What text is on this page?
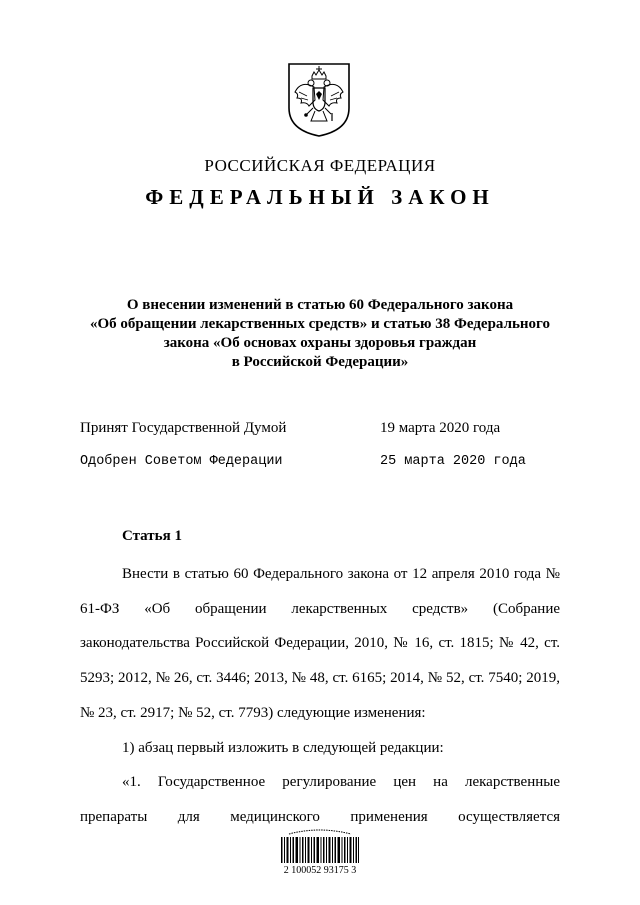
РОССИЙСКАЯ ФЕДЕРАЦИЯ
ФЕДЕРАЛЬНЫЙ ЗАКОН
О внесении изменений в статью 60 Федерального закона
«Об обращении лекарственных средств» и статью 38 Федерального
закона «Об основах охраны здоровья граждан
в Российской Федерации»
Принят Государственной Думой	19 марта 2020 года
Одобрен Советом Федерации	25 марта 2020 года
Статья 1

Внести в статью 60 Федерального закона от 12 апреля 2010 года № 61-ФЗ «Об обращении лекарственных средств» (Собрание законодательства Российской Федерации, 2010, № 16, ст. 1815; № 42, ст. 5293; 2012, № 26, ст. 3446; 2013, № 48, ст. 6165; 2014, № 52, ст. 7540; 2019, № 23, ст. 2917; № 52, ст. 7793) следующие изменения:

1) абзац первый изложить в следующей редакции:

«1. Государственное регулирование цен на лекарственные препараты для медицинского применения осуществляется

2 100052 93175 3
